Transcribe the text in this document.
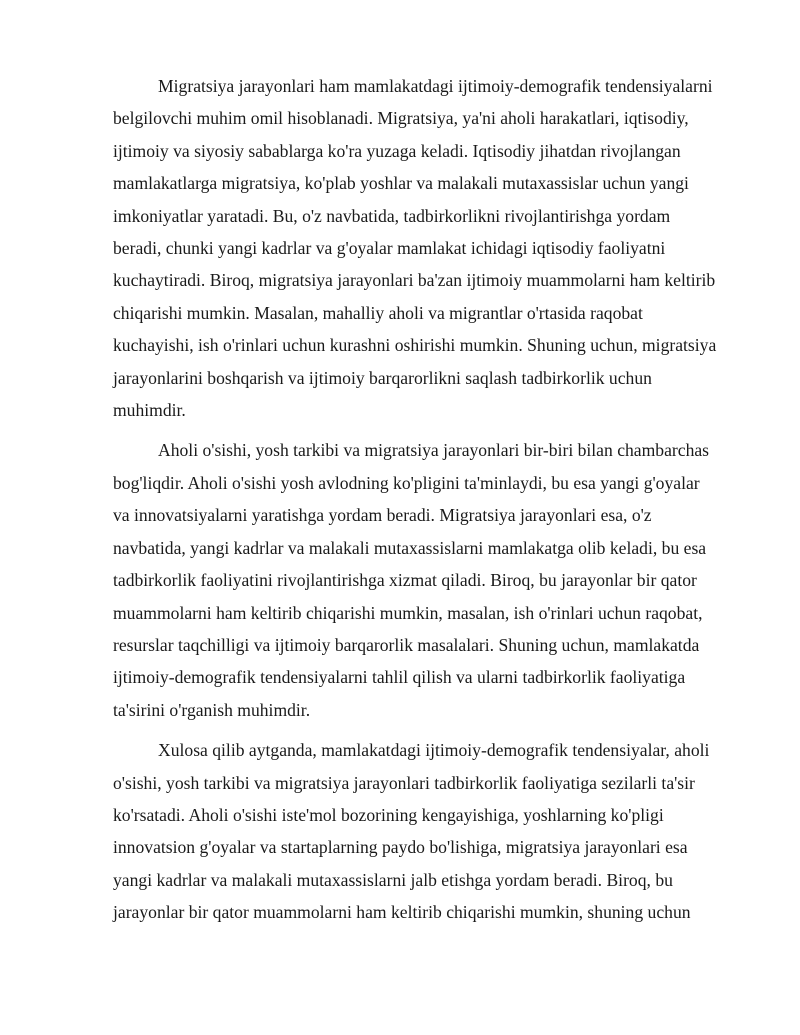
Migratsiya jarayonlari ham mamlakatdagi ijtimoiy-demografik tendensiyalarni
belgilovchi muhim omil hisoblanadi. Migratsiya, ya'ni aholi harakatlari, iqtisodiy,
ijtimoiy va siyosiy sabablarga ko'ra yuzaga keladi. Iqtisodiy jihatdan rivojlangan
mamlakatlarga migratsiya, ko'plab yoshlar va malakali mutaxassislar uchun yangi
imkoniyatlar yaratadi. Bu, o'z navbatida, tadbirkorlikni rivojlantirishga yordam
beradi, chunki yangi kadrlar va g'oyalar mamlakat ichidagi iqtisodiy faoliyatni
kuchaytiradi. Biroq, migratsiya jarayonlari ba'zan ijtimoiy muammolarni ham keltirib
chiqarishi mumkin. Masalan, mahalliy aholi va migrantlar o'rtasida raqobat
kuchayishi, ish o'rinlari uchun kurashni oshirishi mumkin. Shuning uchun, migratsiya
jarayonlarini boshqarish va ijtimoiy barqarorlikni saqlash tadbirkorlik uchun
muhimdir.

Aholi o'sishi, yosh tarkibi va migratsiya jarayonlari bir-biri bilan chambarchas
bog'liqdir. Aholi o'sishi yosh avlodning ko'pligini ta'minlaydi, bu esa yangi g'oyalar
va innovatsiyalarni yaratishga yordam beradi. Migratsiya jarayonlari esa, o'z
navbatida, yangi kadrlar va malakali mutaxassislarni mamlakatga olib keladi, bu esa
tadbirkorlik faoliyatini rivojlantirishga xizmat qiladi. Biroq, bu jarayonlar bir qator
muammolarni ham keltirib chiqarishi mumkin, masalan, ish o'rinlari uchun raqobat,
resurslar taqchilligi va ijtimoiy barqarorlik masalalari. Shuning uchun, mamlakatda
ijtimoiy-demografik tendensiyalarni tahlil qilish va ularni tadbirkorlik faoliyatiga
ta'sirini o'rganish muhimdir.

Xulosa qilib aytganda, mamlakatdagi ijtimoiy-demografik tendensiyalar, aholi
o'sishi, yosh tarkibi va migratsiya jarayonlari tadbirkorlik faoliyatiga sezilarli ta'sir
ko'rsatadi. Aholi o'sishi iste'mol bozorining kengayishiga, yoshlarning ko'pligi
innovatsion g'oyalar va startaplarning paydo bo'lishiga, migratsiya jarayonlari esa
yangi kadrlar va malakali mutaxassislarni jalb etishga yordam beradi. Biroq, bu
jarayonlar bir qator muammolarni ham keltirib chiqarishi mumkin, shuning uchun
